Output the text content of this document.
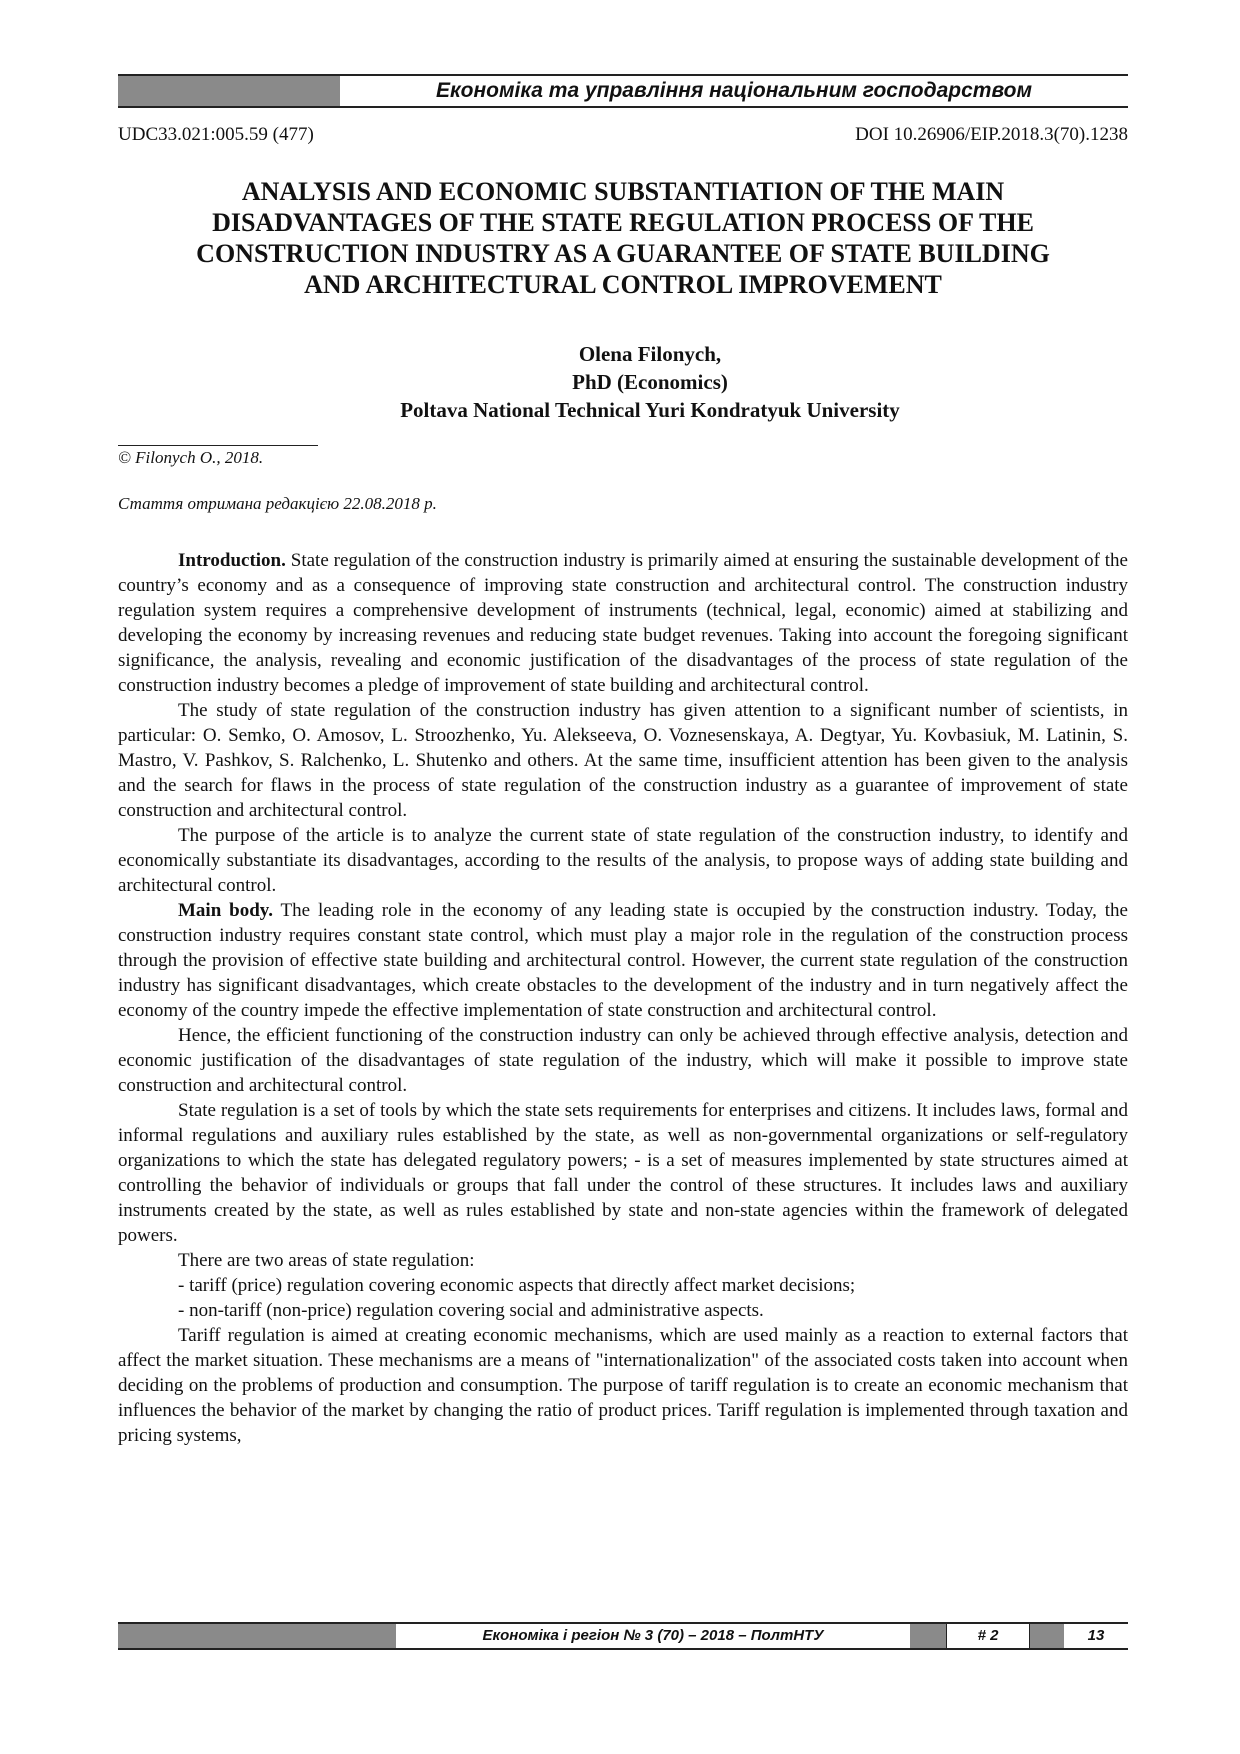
Економіка та управління національним господарством
UDC33.021:005.59 (477)	DOI 10.26906/EIP.2018.3(70).1238
ANALYSIS AND ECONOMIC SUBSTANTIATION OF THE MAIN
DISADVANTAGES OF THE STATE REGULATION PROCESS OF THE
CONSTRUCTION INDUSTRY AS A GUARANTEE OF STATE BUILDING
AND ARCHITECTURAL CONTROL IMPROVEMENT
Olena Filonych,
PhD (Economics)
Poltava National Technical Yuri Kondratyuk University
© Filonych O., 2018.
Стаття отримана редакцією 22.08.2018 р.

Introduction. State regulation of the construction industry is primarily aimed at ensuring the sustainable development of the country’s economy and as a consequence of improving state construction and architectural control. The construction industry regulation system requires a comprehensive development of instruments (technical, legal, economic) aimed at stabilizing and developing the economy by increasing revenues and reducing state budget revenues. Taking into account the foregoing significant significance, the analysis, revealing and economic justification of the disadvantages of the process of state regulation of the construction industry becomes a pledge of improvement of state building and architectural control.

The study of state regulation of the construction industry has given attention to a significant number of scientists, in particular: O. Semko, O. Amosov, L. Stroozhenko, Yu. Alekseeva, O. Voznesenskaya, A. Degtyar, Yu. Kovbasiuk, M. Latinin, S. Mastro, V. Pashkov, S. Ralchenko, L. Shutenko and others. At the same time, insufficient attention has been given to the analysis and the search for flaws in the process of state regulation of the construction industry as a guarantee of improvement of state construction and architectural control.

The purpose of the article is to analyze the current state of state regulation of the construction industry, to identify and economically substantiate its disadvantages, according to the results of the analysis, to propose ways of adding state building and architectural control.

Main body. The leading role in the economy of any leading state is occupied by the construction industry. Today, the construction industry requires constant state control, which must play a major role in the regulation of the construction process through the provision of effective state building and architectural control. However, the current state regulation of the construction industry has significant disadvantages, which create obstacles to the development of the industry and in turn negatively affect the economy of the country impede the effective implementation of state construction and architectural control.

Hence, the efficient functioning of the construction industry can only be achieved through effective analysis, detection and economic justification of the disadvantages of state regulation of the industry, which will make it possible to improve state construction and architectural control.

State regulation is a set of tools by which the state sets requirements for enterprises and citizens. It includes laws, formal and informal regulations and auxiliary rules established by the state, as well as non-governmental organizations or self-regulatory organizations to which the state has delegated regulatory powers; - is a set of measures implemented by state structures aimed at controlling the behavior of individuals or groups that fall under the control of these structures. It includes laws and auxiliary instruments created by the state, as well as rules established by state and non-state agencies within the framework of delegated powers.

There are two areas of state regulation:

- tariff (price) regulation covering economic aspects that directly affect market decisions;

- non-tariff (non-price) regulation covering social and administrative aspects.

Tariff regulation is aimed at creating economic mechanisms, which are used mainly as a reaction to external factors that affect the market situation. These mechanisms are a means of "internationalization" of the associated costs taken into account when deciding on the problems of production and consumption. The purpose of tariff regulation is to create an economic mechanism that influences the behavior of the market by changing the ratio of product prices. Tariff regulation is implemented through taxation and pricing systems,

Економіка і регіон № 3 (70) – 2018 – ПолтНТУ	# 2	13
